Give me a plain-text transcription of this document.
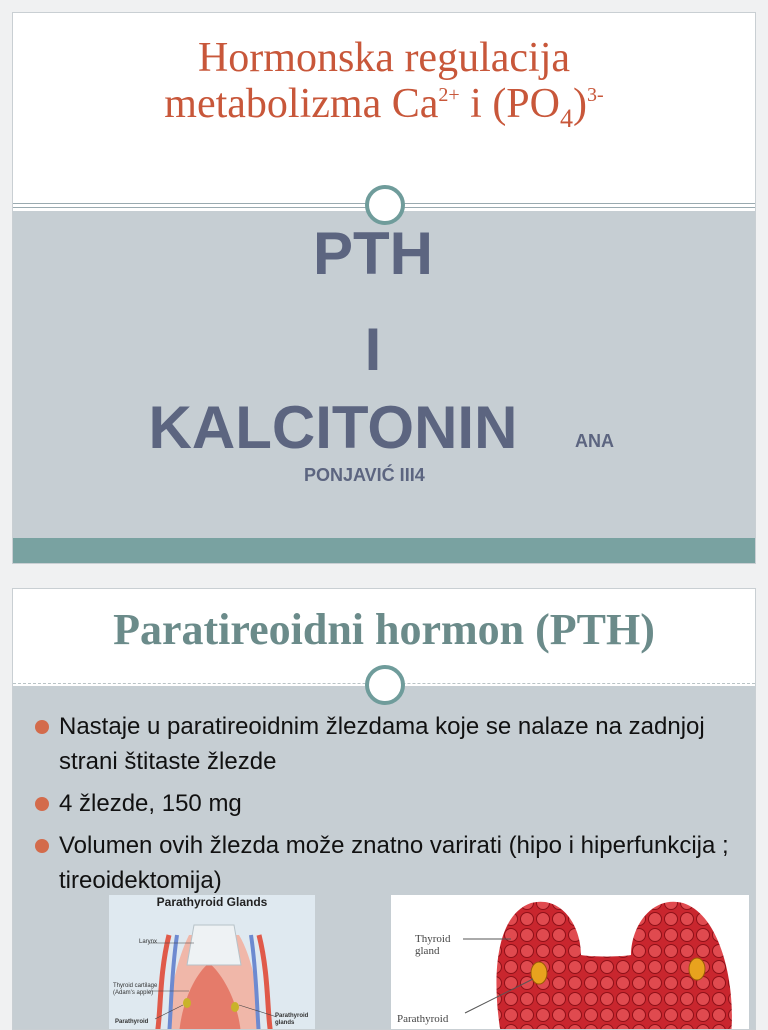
Hormonska regulacija
metabolizma $Ca^{2+}$ i $(PO_4)^{3-}$
PTH
I
KALCITONIN	ANA
PONJAVIĆ III4
Paratireoidni hormon (PTH)
Nastaje u paratireoidnim žlezdama koje se nalaze na zadnjoj strani štitaste žlezde
4 žlezde, 150 mg
Volumen ovih žlezda može znatno varirati (hipo i hiperfunkcija ; tireoidektomija)
Parathyroid Glands
Larynx
Thyroid cartilage (Adam's apple)
Parathyroid
Parathyroid glands
Thyroid gland
Parathyroid
